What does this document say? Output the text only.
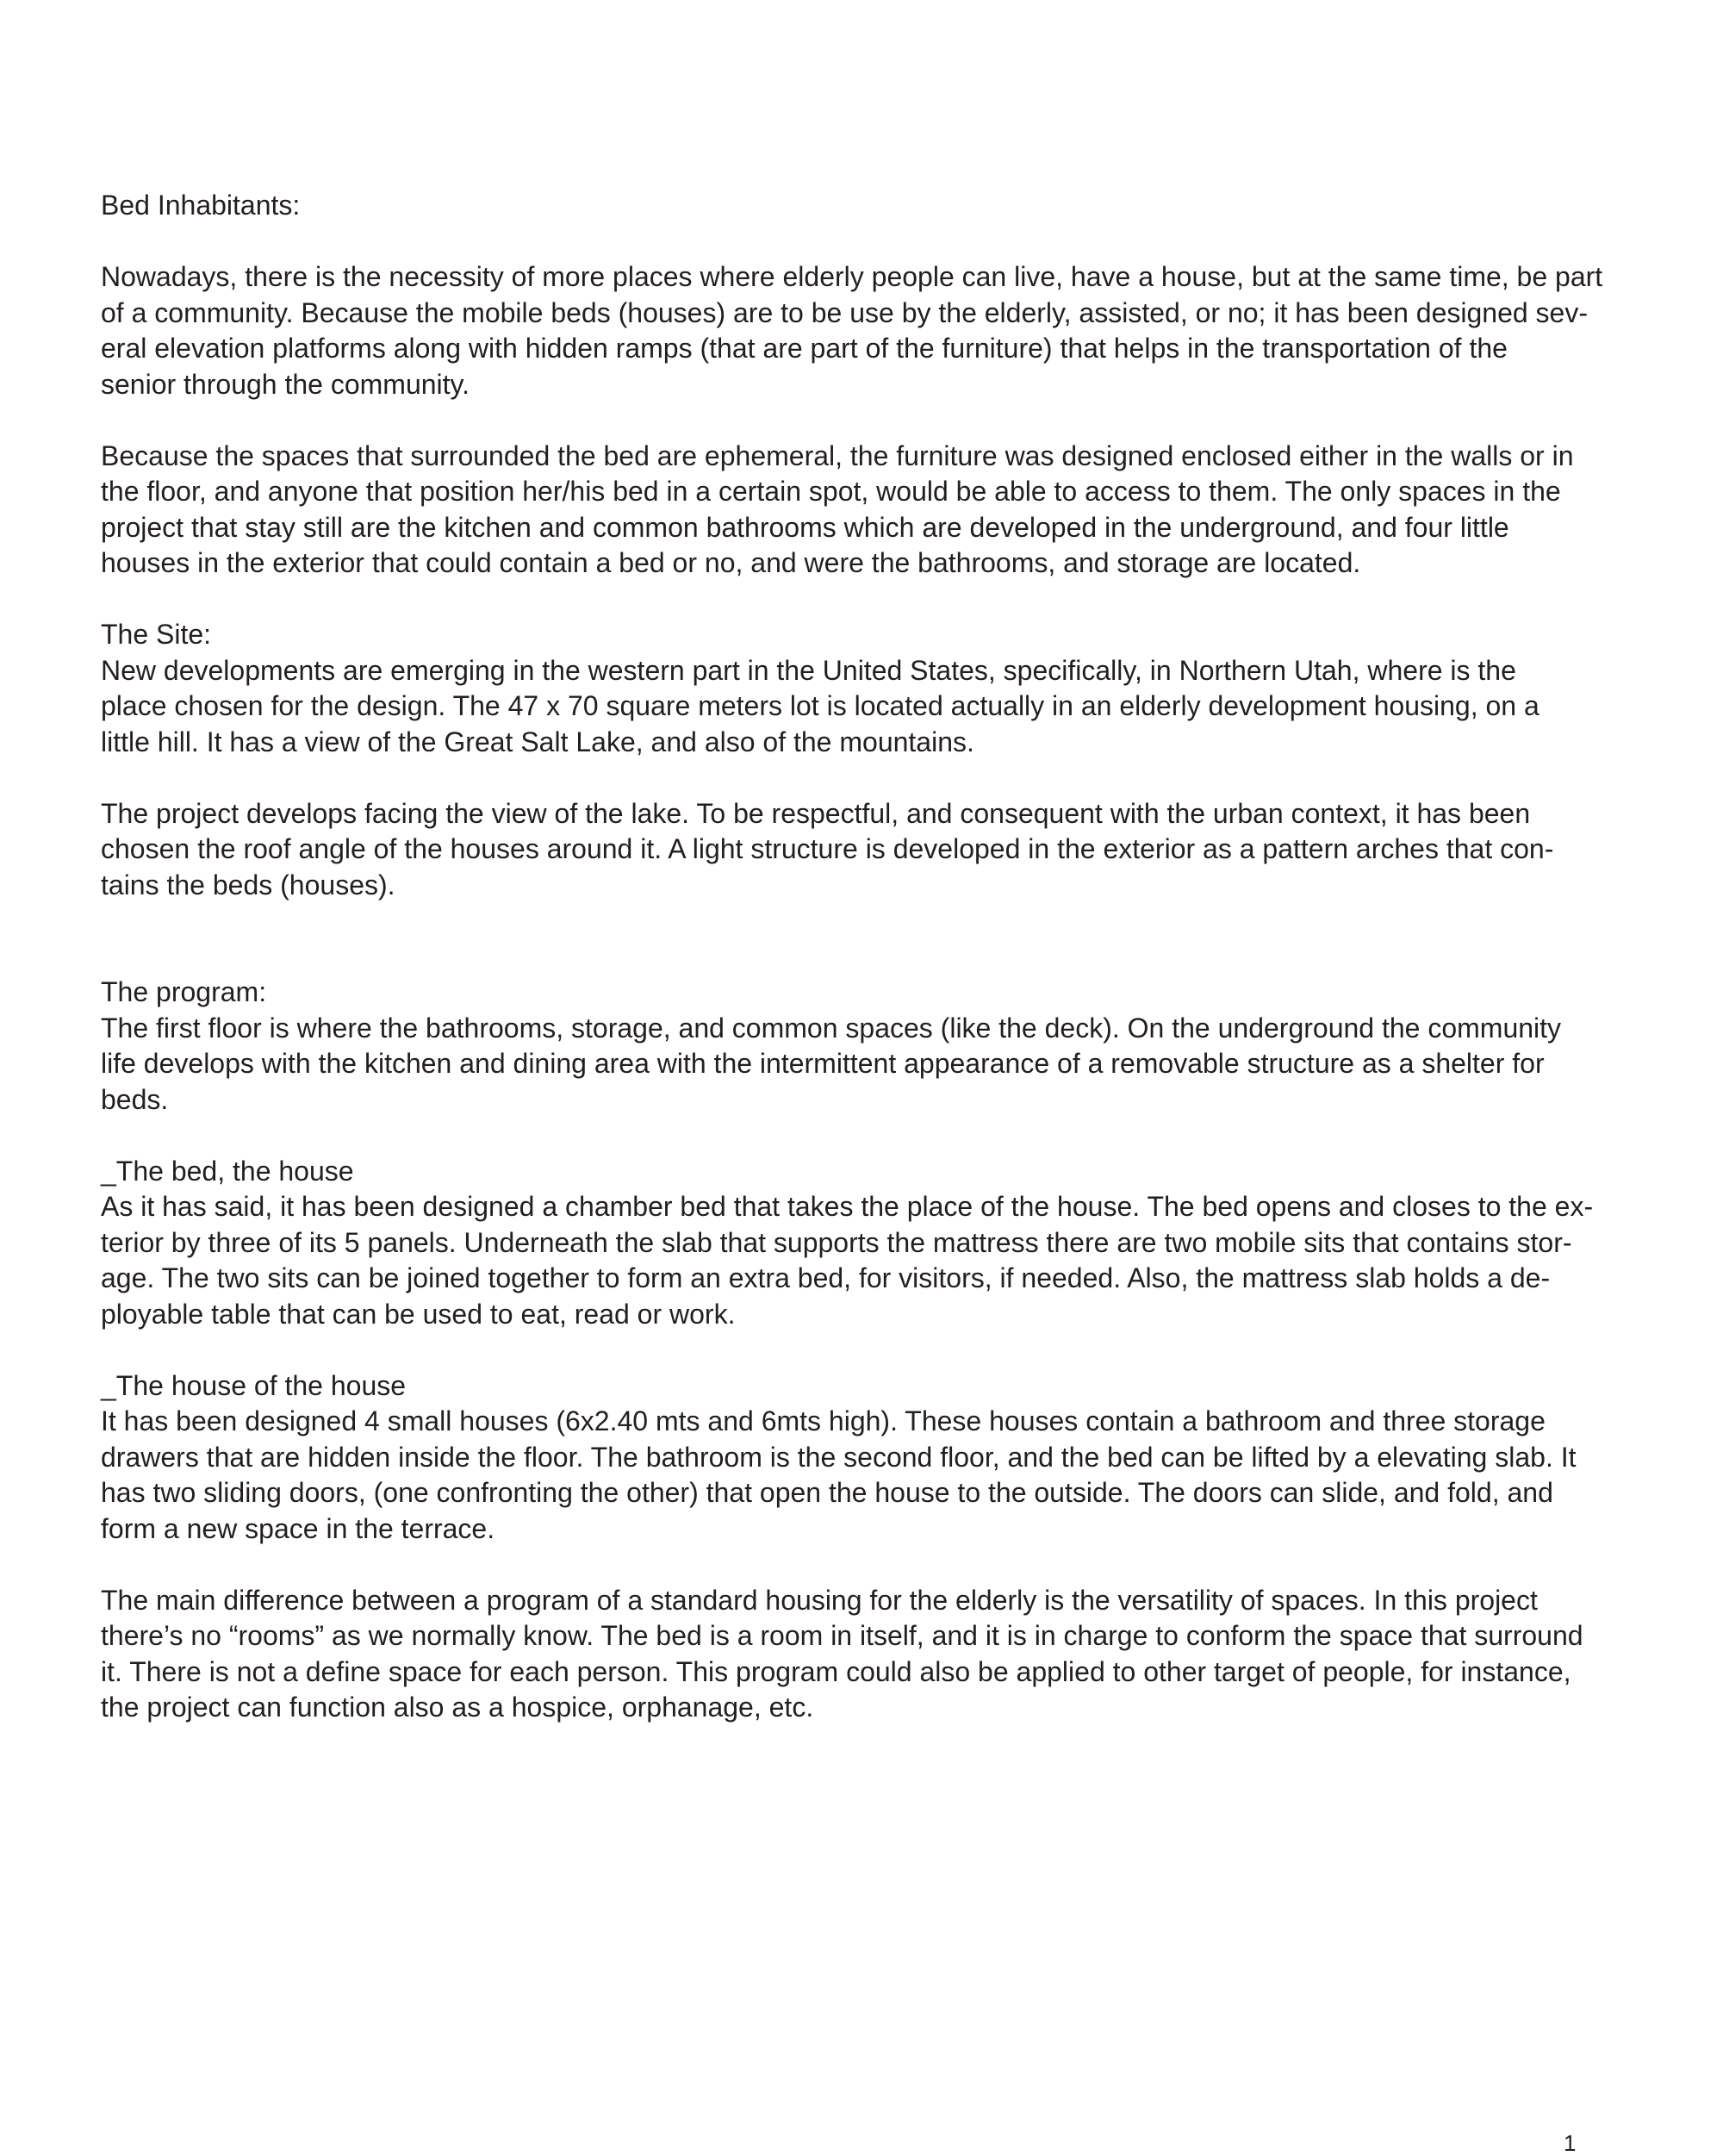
Bed Inhabitants:

Nowadays, there is the necessity of more places where elderly people can live, have a house, but at the same time, be part
of a community. Because the mobile beds (houses) are to be use by the elderly, assisted, or no; it has been designed sev-
eral elevation platforms along with hidden ramps (that are part of the furniture) that helps in the transportation of the
senior through the community.

Because the spaces that surrounded the bed are ephemeral, the furniture was designed enclosed either in the walls or in
the floor, and anyone that position her/his bed in a certain spot, would be able to access to them. The only spaces in the
project that stay still are the kitchen and common bathrooms which are developed in the underground, and four little
houses in the exterior that could contain a bed or no, and were the bathrooms, and storage are located.

The Site:

New developments are emerging in the western part in the United States, specifically, in Northern Utah, where is the
place chosen for the design. The 47 x 70 square meters lot is located actually in an elderly development housing, on a
little hill. It has a view of the Great Salt Lake, and also of the mountains.

The project develops facing the view of the lake. To be respectful, and consequent with the urban context, it has been
chosen the roof angle of the houses around it. A light structure is developed in the exterior as a pattern arches that con-
tains the beds (houses).

The program:

The first floor is where the bathrooms, storage, and common spaces (like the deck). On the underground the community
life develops with the kitchen and dining area with the intermittent appearance of a removable structure as a shelter for
beds.

_The bed, the house

As it has said, it has been designed a chamber bed that takes the place of the house. The bed opens and closes to the ex-
terior by three of its 5 panels. Underneath the slab that supports the mattress there are two mobile sits that contains stor-
age. The two sits can be joined together to form an extra bed, for visitors, if needed. Also, the mattress slab holds a de-
ployable table that can be used to eat, read or work.

_The house of the house

It has been designed 4 small houses (6x2.40 mts and 6mts high). These houses contain a bathroom and three storage
drawers that are hidden inside the floor. The bathroom is the second floor, and the bed can be lifted by a elevating slab. It
has two sliding doors, (one confronting the other) that open the house to the outside. The doors can slide, and fold, and
form a new space in the terrace.

The main difference between a program of a standard housing for the elderly is the versatility of spaces. In this project
there’s no “rooms” as we normally know. The bed is a room in itself, and it is in charge to conform the space that surround
it. There is not a define space for each person. This program could also be applied to other target of people, for instance,
the project can function also as a hospice, orphanage, etc.

1
